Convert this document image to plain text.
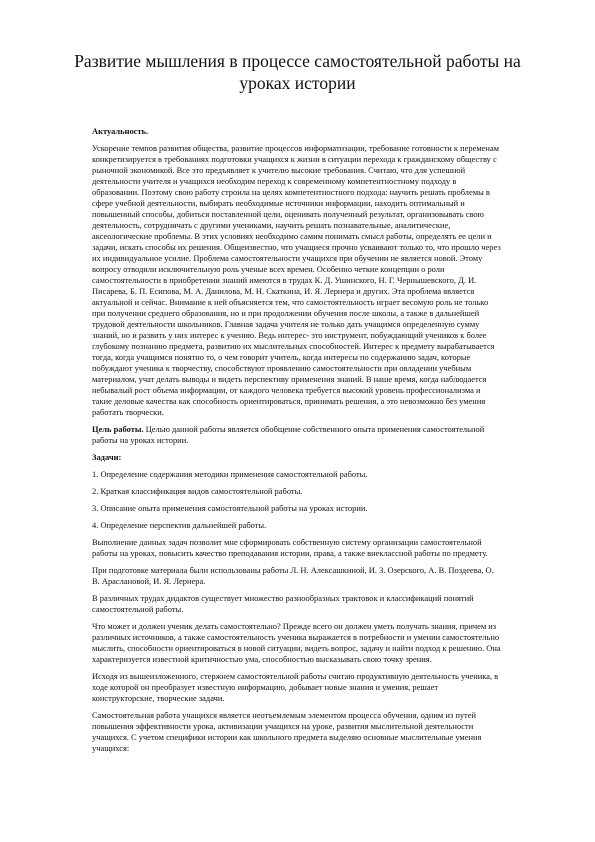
Развитие мышления в процессе самостоятельной работы на уроках истории
Актуальность.

Ускорение темпов развития общества, развитие процессов информатизации, требование готовности к переменам конкретизируется в требованиях подготовки учащихся к жизни в ситуации перехода к гражданскому обществу с рыночной экономикой. Все это предъявляет к учителю высокие требования. Считаю, что для успешной деятельности учителя и учащихся необходим переход к современному компетентностному подходу в образовании. Поэтому свою работу строила на целях компетентностного подхода: научить решать проблемы в сфере учебной деятельности, выбирать необходимые источники информации, находить оптимальный и повышенный способы, добиться поставленной цели, оценивать полученный результат, организовывать свою деятельность, сотрудничать с другими учениками, научить решать познавательные, аналитические, аксеологические проблемы. В этих условиях необходимо самим понимать смысл работы, определять ее цели и задачи, искать способы их решения. Общеизвестно, что учащиеся прочно усваивают только то, что прошло через их индивидуальное усилие. Проблема самостоятельности учащихся при обучении не является новой. Этому вопросу отводили исключительную роль ученые всех времен. Особенно четкие концепции о роли самостоятельности в приобретении знаний имеются в трудах К. Д. Ушинского, Н. Г. Чернышевского, Д. И. Писарева, Б. П. Есипова, М. А. Данилова, М. Н. Скаткина, И. Я. Лернера и других. Эта проблема является актуальной и сейчас. Внимание к ней объясняется тем, что самостоятельность играет весомую роль не только при получении среднего образования, но и при продолжении обучения после школы, а также в дальнейшей трудовой деятельности школьников. Главная задача учителя не только дать учащимся определенную сумму знаний, но и развить у них интерес к учению. Ведь интерес- это инструмент, побуждающий учеников к более глубокому познанию предмета, развитию их мыслительных способностей. Интерес к предмету вырабатывается тогда, когда учащимся понятно то, о чем говорит учитель, когда интересы по содержанию задач, которые побуждают ученика к творчеству, способствуют проявлению самостоятельности при овладении учебным материалом, учат делать выводы и видеть перспективу применения знаний. В наше время, когда наблюдается небывалый рост объема информации, от каждого человека требуется высокий уровень профессионализма и такие деловые качества как способность ориентироваться, принимать решения, а это невозможно без умения работать творчески.

Цель работы. Целью данной работы является обобщение собственного опыта применения самостоятельной работы на уроках истории.

Задачи:

1. Определение содержания методики применения самостоятельной работы.

2. Краткая классификация видов самостоятельной работы.

3. Описание опыта применения самостоятельной работы на уроках истории.

4. Определение перспектив дальнейшей работы.

Выполнение данных задач позволит мне сформировать собственную систему организации самостоятельной работы на уроках, повысить качество преподавания истории, права, а также внеклассной работы по предмету.

При подготовке материала были использованы работы Л. Н. Алексашкиной, И. З. Озерского, А. В. Поздеева, О. В. Араслановой, И. Я. Лернера.

В различных трудах дидактов существует множество разнообразных трактовок и классификаций понятий самостоятельной работы.

Что может и должен ученик делать самостоятельно? Прежде всего он должен уметь получать знания, причем из различных источников, а также самостоятельность ученика выражается в потребности и умении самостоятельно мыслить, способности ориентироваться в новой ситуации, видеть вопрос, задачу и найти подход к решению. Она характеризуется известной критичностью ума, способностью высказывать свою точку зрения.

Исходя из вышеизложенного, стержнем самостоятельной работы считаю продуктивную деятельность ученика, в ходе которой он преобразует известную информацию, добывает новые знания и умения, решает конструкторские, творческие задачи.

Самостоятельная работа учащихся является неотъемлемым элементом процесса обучения, одним из путей повышения эффективности урока, активизации учащихся на уроке, развития мыслительной деятельности учащихся. С учетом специфики истории как школьного предмета выделяю основные мыслительные умения учащихся:
